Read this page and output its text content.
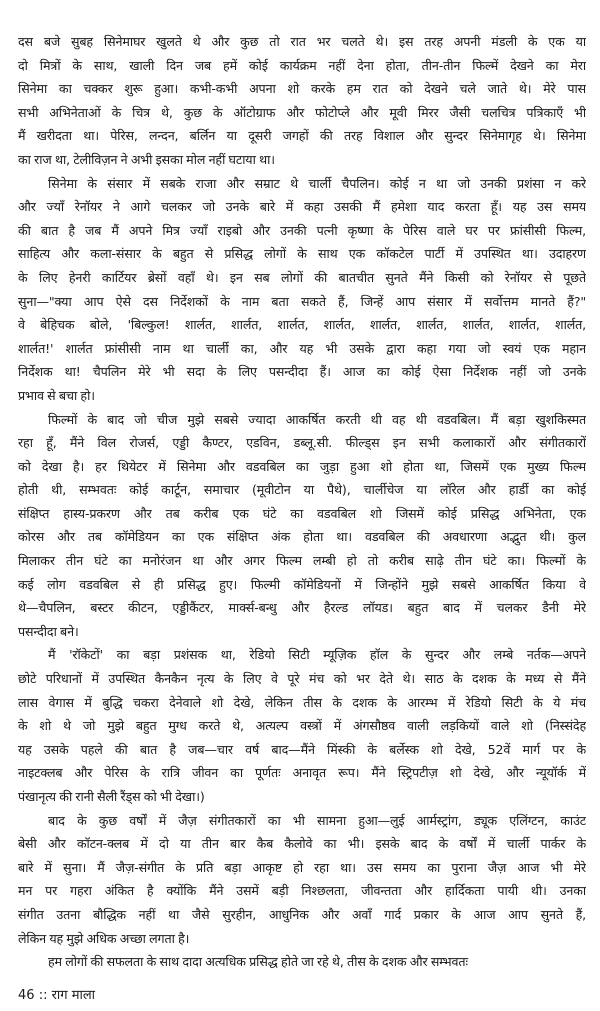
दस बजे सुबह सिनेमाघर खुलते थे और कुछ तो रात भर चलते थे। इस तरह अपनी मंडली के एक या
दो मित्रों के साथ, खाली दिन जब हमें कोई कार्यक्रम नहीं देना होता, तीन-तीन फिल्में देखने का मेरा
सिनेमा का चक्कर शुरू हुआ। कभी-कभी अपना शो करके हम रात को देखने चले जाते थे। मेरे पास
सभी अभिनेताओं के चित्र थे, कुछ के ऑटोग्राफ और फोटोप्ले और मूवी मिरर जैसी चलचित्र पत्रिकाएँ भी
मैं खरीदता था। पेरिस, लन्दन, बर्लिन या दूसरी जगहों की तरह विशाल और सुन्दर सिनेमागृह थे। सिनेमा
का राज था, टेलीविज़न ने अभी इसका मोल नहीं घटाया था।
सिनेमा के संसार में सबके राजा और सम्राट थे चार्ली चैपलिन। कोई न था जो उनकी प्रशंसा न करे
और ज्याँ रेनॉयर ने आगे चलकर जो उनके बारे में कहा उसकी मैं हमेशा याद करता हूँ। यह उस समय
की बात है जब मैं अपने मित्र ज्याँ राइबो और उनकी पत्नी कृष्णा के पेरिस वाले घर पर फ्रांसीसी फिल्म,
साहित्य और कला-संसार के बहुत से प्रसिद्ध लोगों के साथ एक कॉकटेल पार्टी में उपस्थित था। उदाहरण
के लिए हेनरी कार्टियर ब्रेसों वहाँ थे। इन सब लोगों की बातचीत सुनते मैंने किसी को रेनॉयर से पूछते
सुना—"क्या आप ऐसे दस निर्देशकों के नाम बता सकते हैं, जिन्हें आप संसार में सर्वोत्तम मानते हैं?"
वे बेहिचक बोले, 'बिल्कुल! शार्लत, शार्लत, शार्लत, शार्लत, शार्लत, शार्लत, शार्लत, शार्लत, शार्लत,
शार्लत!' शार्लत फ्रांसीसी नाम था चार्ली का, और यह भी उसके द्वारा कहा गया जो स्वयं एक महान
निर्देशक था! चैपलिन मेरे भी सदा के लिए पसन्दीदा हैं। आज का कोई ऐसा निर्देशक नहीं जो उनके
प्रभाव से बचा हो।
फिल्मों के बाद जो चीज मुझे सबसे ज्यादा आकर्षित करती थी वह थी वडवबिल। मैं बड़ा खुशकिस्मत
रहा हूँ, मैंने विल रोजर्स, एड्डी कैण्टर, एडविन, डब्लू.सी. फील्ड्स इन सभी कलाकारों और संगीतकारों
को देखा है। हर थियेटर में सिनेमा और वडवबिल का जुड़ा हुआ शो होता था, जिसमें एक मुख्य फिल्म
होती थी, सम्भवतः कोई कार्टून, समाचार (मूवीटोन या पैथे), चार्लीचेज या लॉरेल और हार्डी का कोई
संक्षिप्त हास्य-प्रकरण और तब करीब एक घंटे का वडवबिल शो जिसमें कोई प्रसिद्ध अभिनेता, एक
कोरस और तब कॉमेडियन का एक संक्षिप्त अंक होता था। वडवबिल की अवधारणा अद्भुत थी। कुल
मिलाकर तीन घंटे का मनोरंजन था और अगर फिल्म लम्बी हो तो करीब साढ़े तीन घंटे का। फिल्मों के
कई लोग वडवबिल से ही प्रसिद्ध हुए। फिल्मी कॉमेडियनों में जिन्होंने मुझे सबसे आकर्षित किया वे
थे—चैपलिन, बस्टर कीटन, एड्डीकैंटर, मार्क्स-बन्धु और हैरल्ड लॉयड। बहुत बाद में चलकर डैनी मेरे
पसन्दीदा बने।
मैं 'रॉकेटों' का बड़ा प्रशंसक था, रेडियो सिटी म्यूज़िक हॉल के सुन्दर और लम्बे नर्तक—अपने
छोटे परिधानों में उपस्थित कैनकैन नृत्य के लिए वे पूरे मंच को भर देते थे। साठ के दशक के मध्य से मैंने
लास वेगास में बुद्धि चकरा देनेवाले शो देखे, लेकिन तीस के दशक के आरम्भ में रेडियो सिटी के ये मंच
के शो थे जो मुझे बहुत मुग्ध करते थे, अत्यल्प वस्त्रों में अंगसौष्ठव वाली लड़कियों वाले शो (निस्संदेह
यह उसके पहले की बात है जब—चार वर्ष बाद—मैंने मिंस्की के बर्लेस्क शो देखे, 52वें मार्ग पर के
नाइटक्लब और पेरिस के रात्रि जीवन का पूर्णतः अनावृत रूप। मैंने स्ट्रिपटीज़ शो देखे, और न्यूयॉर्क में
पंखानृत्य की रानी सैली रैंड्स को भी देखा।)
बाद के कुछ वर्षों में जैज़ संगीतकारों का भी सामना हुआ—लुई आर्मस्ट्रांग, ड्यूक एलिंग्टन, काउंट
बेसी और कॉटन-क्लब में दो या तीन बार कैब कैलोवे का भी। इसके बाद के वर्षों में चार्ली पार्कर के
बारे में सुना। मैं जैज़-संगीत के प्रति बड़ा आकृष्ट हो रहा था। उस समय का पुराना जैज़ आज भी मेरे
मन पर गहरा अंकित है क्योंकि मैंने उसमें बड़ी निश्छलता, जीवन्तता और हार्दिकता पायी थी। उनका
संगीत उतना बौद्धिक नहीं था जैसे सुरहीन, आधुनिक और अवाँ गार्द प्रकार के आज आप सुनते हैं,
लेकिन यह मुझे अधिक अच्छा लगता है।
हम लोगों की सफलता के साथ दादा अत्यधिक प्रसिद्ध होते जा रहे थे, तीस के दशक और सम्भवतः
46 :: राग माला
